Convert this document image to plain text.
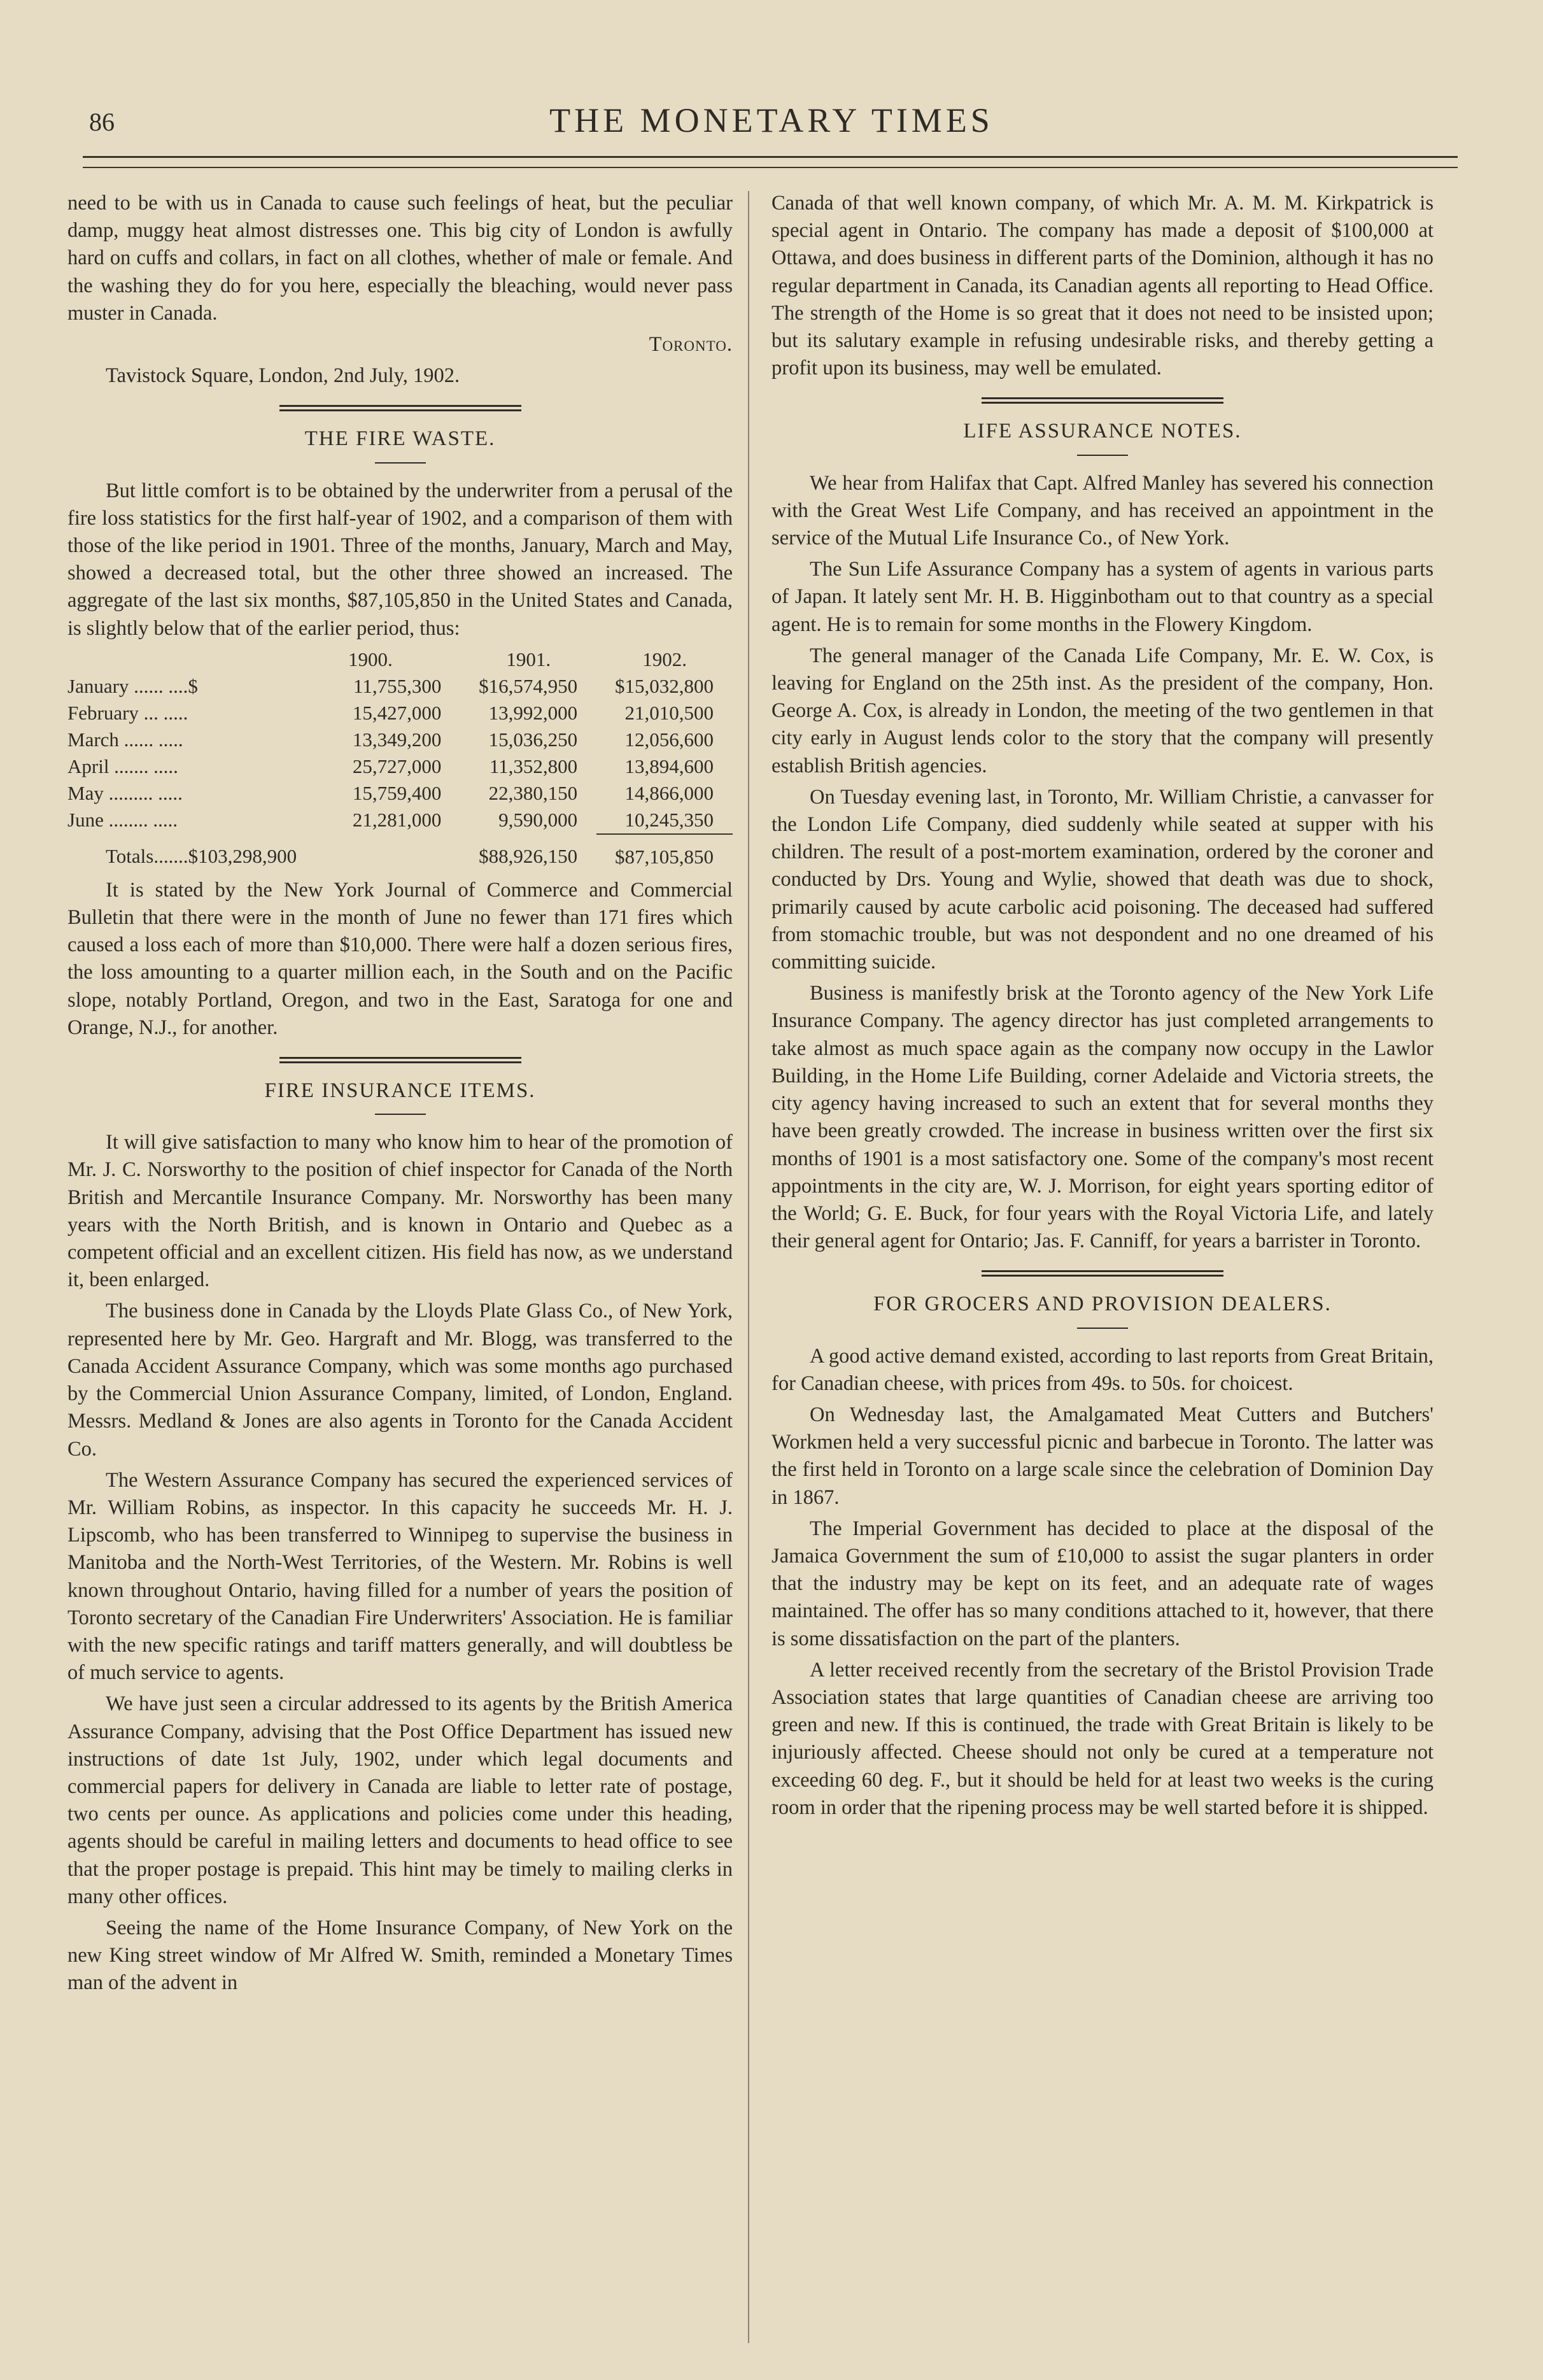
86	THE MONETARY TIMES

need to be with us in Canada to cause such feelings of heat, but the peculiar damp, muggy heat almost distresses one. This big city of London is awfully hard on cuffs and collars, in fact on all clothes, whether of male or female. And the washing they do for you here, especially the bleaching, would never pass muster in Canada.

Toronto.

Tavistock Square, London, 2nd July, 1902.

THE FIRE WASTE.

But little comfort is to be obtained by the underwriter from a perusal of the fire loss statistics for the first half-year of 1902, and a comparison of them with those of the like period in 1901. Three of the months, January, March and May, showed a decreased total, but the other three showed an increased. The aggregate of the last six months, $87,105,850 in the United States and Canada, is slightly below that of the earlier period, thus:

	1900.	1901.	1902.
January ...... ....$	11,755,300	$16,574,950	$15,032,800
February ... .....	15,427,000	13,992,000	21,010,500
March ...... .....	13,349,200	15,036,250	12,056,600
April ....... .....	25,727,000	11,352,800	13,894,600
May ......... .....	15,759,400	22,380,150	14,866,000
June ........ .....	21,281,000	9,590,000	10,245,350
Totals.......$103,298,900		$88,926,150	$87,105,850

It is stated by the New York Journal of Commerce and Commercial Bulletin that there were in the month of June no fewer than 171 fires which caused a loss each of more than $10,000. There were half a dozen serious fires, the loss amounting to a quarter million each, in the South and on the Pacific slope, notably Portland, Oregon, and two in the East, Saratoga for one and Orange, N.J., for another.

FIRE INSURANCE ITEMS.

It will give satisfaction to many who know him to hear of the promotion of Mr. J. C. Norsworthy to the position of chief inspector for Canada of the North British and Mercantile Insurance Company. Mr. Norsworthy has been many years with the North British, and is known in Ontario and Quebec as a competent official and an excellent citizen. His field has now, as we understand it, been enlarged.

The business done in Canada by the Lloyds Plate Glass Co., of New York, represented here by Mr. Geo. Hargraft and Mr. Blogg, was transferred to the Canada Accident Assurance Company, which was some months ago purchased by the Commercial Union Assurance Company, limited, of London, England. Messrs. Medland & Jones are also agents in Toronto for the Canada Accident Co.

The Western Assurance Company has secured the experienced services of Mr. William Robins, as inspector. In this capacity he succeeds Mr. H. J. Lipscomb, who has been transferred to Winnipeg to supervise the business in Manitoba and the North-West Territories, of the Western. Mr. Robins is well known throughout Ontario, having filled for a number of years the position of Toronto secretary of the Canadian Fire Underwriters' Association. He is familiar with the new specific ratings and tariff matters generally, and will doubtless be of much service to agents.

We have just seen a circular addressed to its agents by the British America Assurance Company, advising that the Post Office Department has issued new instructions of date 1st July, 1902, under which legal documents and commercial papers for delivery in Canada are liable to letter rate of postage, two cents per ounce. As applications and policies come under this heading, agents should be careful in mailing letters and documents to head office to see that the proper postage is prepaid. This hint may be timely to mailing clerks in many other offices.

Seeing the name of the Home Insurance Company, of New York on the new King street window of Mr Alfred W. Smith, reminded a Monetary Times man of the advent in

Canada of that well known company, of which Mr. A. M. M. Kirkpatrick is special agent in Ontario. The company has made a deposit of $100,000 at Ottawa, and does business in different parts of the Dominion, although it has no regular department in Canada, its Canadian agents all reporting to Head Office. The strength of the Home is so great that it does not need to be insisted upon; but its salutary example in refusing undesirable risks, and thereby getting a profit upon its business, may well be emulated.

LIFE ASSURANCE NOTES.

We hear from Halifax that Capt. Alfred Manley has severed his connection with the Great West Life Company, and has received an appointment in the service of the Mutual Life Insurance Co., of New York.

The Sun Life Assurance Company has a system of agents in various parts of Japan. It lately sent Mr. H. B. Higginbotham out to that country as a special agent. He is to remain for some months in the Flowery Kingdom.

The general manager of the Canada Life Company, Mr. E. W. Cox, is leaving for England on the 25th inst. As the president of the company, Hon. George A. Cox, is already in London, the meeting of the two gentlemen in that city early in August lends color to the story that the company will presently establish British agencies.

On Tuesday evening last, in Toronto, Mr. William Christie, a canvasser for the London Life Company, died suddenly while seated at supper with his children. The result of a post-mortem examination, ordered by the coroner and conducted by Drs. Young and Wylie, showed that death was due to shock, primarily caused by acute carbolic acid poisoning. The deceased had suffered from stomachic trouble, but was not despondent and no one dreamed of his committing suicide.

Business is manifestly brisk at the Toronto agency of the New York Life Insurance Company. The agency director has just completed arrangements to take almost as much space again as the company now occupy in the Lawlor Building, in the Home Life Building, corner Adelaide and Victoria streets, the city agency having increased to such an extent that for several months they have been greatly crowded. The increase in business written over the first six months of 1901 is a most satisfactory one. Some of the company's most recent appointments in the city are, W. J. Morrison, for eight years sporting editor of the World; G. E. Buck, for four years with the Royal Victoria Life, and lately their general agent for Ontario; Jas. F. Canniff, for years a barrister in Toronto.

FOR GROCERS AND PROVISION DEALERS.

A good active demand existed, according to last reports from Great Britain, for Canadian cheese, with prices from 49s. to 50s. for choicest.

On Wednesday last, the Amalgamated Meat Cutters and Butchers' Workmen held a very successful picnic and barbecue in Toronto. The latter was the first held in Toronto on a large scale since the celebration of Dominion Day in 1867.

The Imperial Government has decided to place at the disposal of the Jamaica Government the sum of £10,000 to assist the sugar planters in order that the industry may be kept on its feet, and an adequate rate of wages maintained. The offer has so many conditions attached to it, however, that there is some dissatisfaction on the part of the planters.

A letter received recently from the secretary of the Bristol Provision Trade Association states that large quantities of Canadian cheese are arriving too green and new. If this is continued, the trade with Great Britain is likely to be injuriously affected. Cheese should not only be cured at a temperature not exceeding 60 deg. F., but it should be held for at least two weeks is the curing room in order that the ripening process may be well started before it is shipped.
